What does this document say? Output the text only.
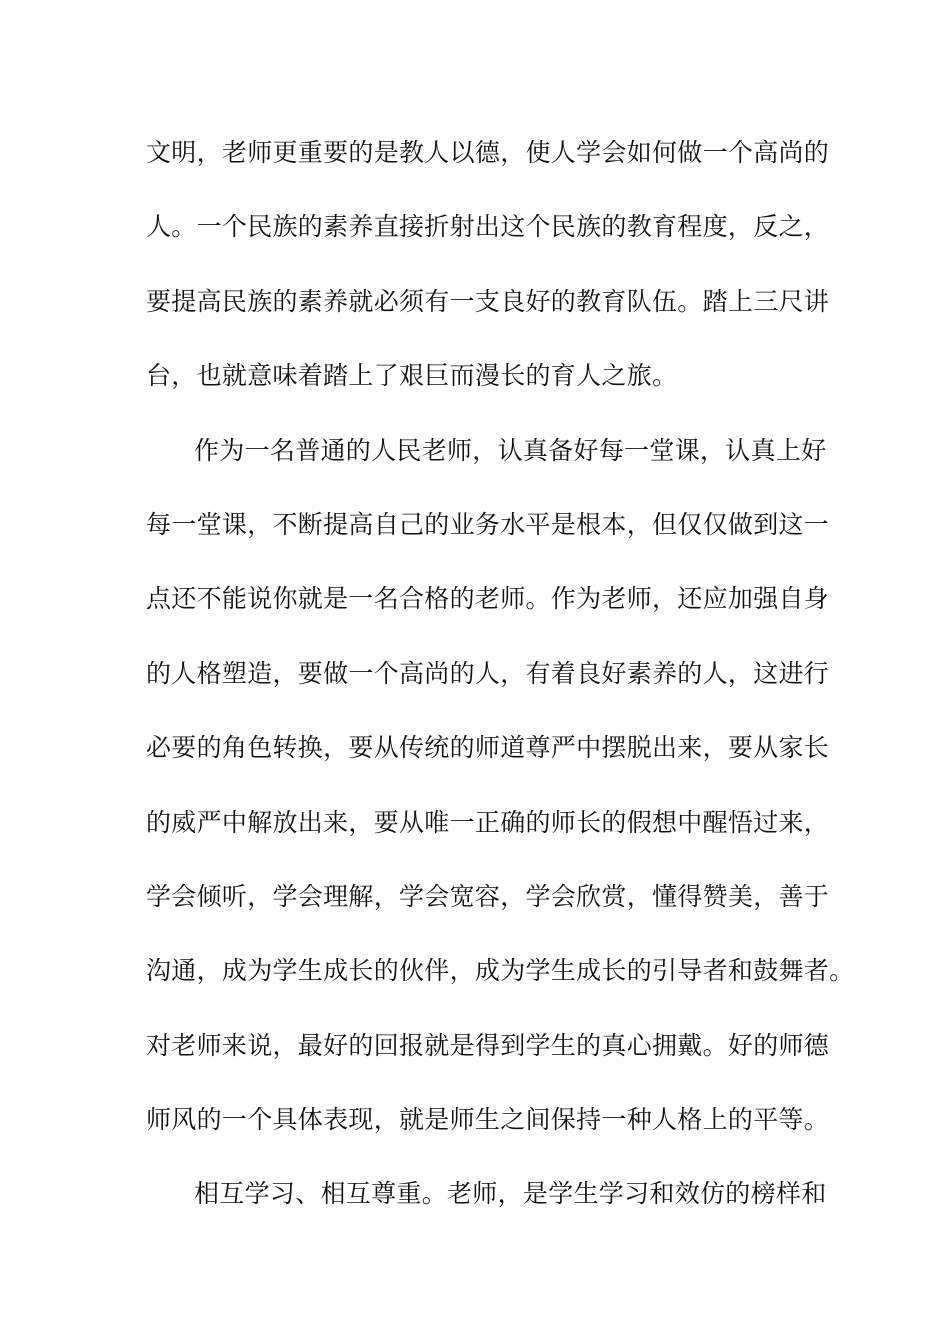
文明，老师更重要的是教人以德，使人学会如何做一个高尚的
人。一个民族的素养直接折射出这个民族的教育程度，反之，
要提高民族的素养就必须有一支良好的教育队伍。踏上三尺讲
台，也就意味着踏上了艰巨而漫长的育人之旅。
作为一名普通的人民老师，认真备好每一堂课，认真上好
每一堂课，不断提高自己的业务水平是根本，但仅仅做到这一
点还不能说你就是一名合格的老师。作为老师，还应加强自身
的人格塑造，要做一个高尚的人，有着良好素养的人，这进行
必要的角色转换，要从传统的师道尊严中摆脱出来，要从家长
的威严中解放出来，要从唯一正确的师长的假想中醒悟过来，
学会倾听，学会理解，学会宽容，学会欣赏，懂得赞美，善于
沟通，成为学生成长的伙伴，成为学生成长的引导者和鼓舞者。
对老师来说，最好的回报就是得到学生的真心拥戴。好的师德
师风的一个具体表现，就是师生之间保持一种人格上的平等。
相互学习、相互尊重。老师，是学生学习和效仿的榜样和
